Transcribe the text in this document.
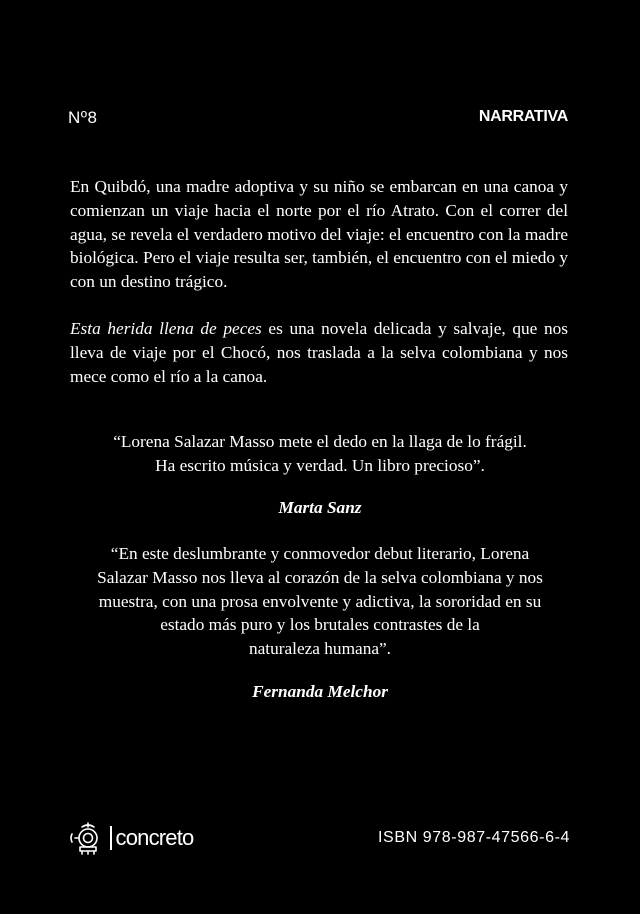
Nº8	NARRATIVA

En Quibdó, una madre adoptiva y su niño se embarcan en una canoa y comienzan un viaje hacia el norte por el río Atrato. Con el correr del agua, se revela el verdadero motivo del viaje: el encuentro con la madre biológica. Pero el viaje resulta ser, también, el encuentro con el miedo y con un destino trágico.

Esta herida llena de peces es una novela delicada y salvaje, que nos lleva de viaje por el Chocó, nos traslada a la selva colombiana y nos mece como el río a la canoa.

“Lorena Salazar Masso mete el dedo en la llaga de lo frágil.
Ha escrito música y verdad. Un libro precioso”.

Marta Sanz

“En este deslumbrante y conmovedor debut literario, Lorena
Salazar Masso nos lleva al corazón de la selva colombiana y nos
muestra, con una prosa envolvente y adictiva, la sororidad en su
estado más puro y los brutales contrastes de la
naturaleza humana”.

Fernanda Melchor

concreto	ISBN 978-987-47566-6-4
